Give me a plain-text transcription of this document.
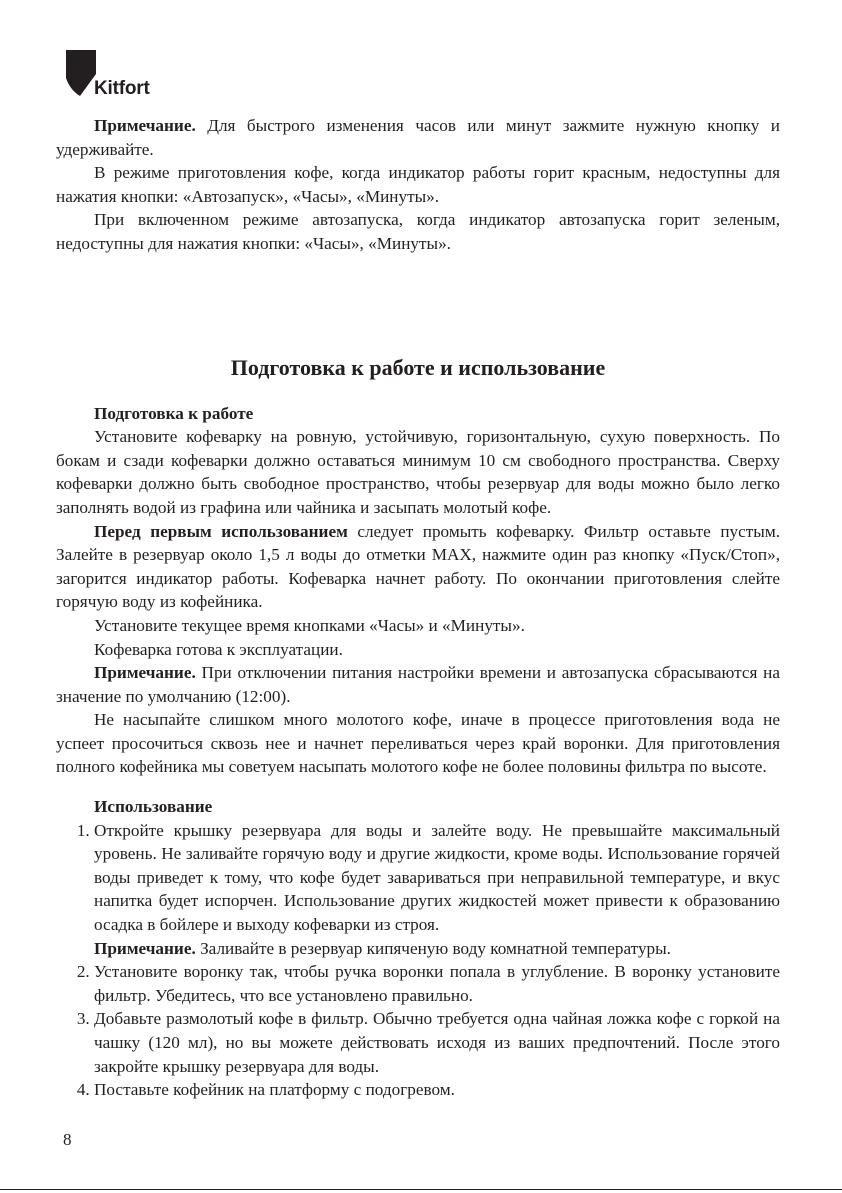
Kitfort

Примечание. Для быстрого изменения часов или минут зажмите нужную кнопку и удерживайте.

В режиме приготовления кофе, когда индикатор работы горит красным, недоступны для нажатия кнопки: «Автозапуск», «Часы», «Минуты».

При включенном режиме автозапуска, когда индикатор автозапуска горит зеленым, недоступны для нажатия кнопки: «Часы», «Минуты».

Подготовка к работе и использование

Подготовка к работе

Установите кофеварку на ровную, устойчивую, горизонтальную, сухую поверхность. По бокам и сзади кофеварки должно оставаться минимум 10 см свободного пространства. Сверху кофеварки должно быть свободное пространство, чтобы резервуар для воды можно было легко заполнять водой из графина или чайника и засыпать молотый кофе.

Перед первым использованием следует промыть кофеварку. Фильтр оставьте пустым. Залейте в резервуар около 1,5 л воды до отметки MAX, нажмите один раз кнопку «Пуск/Стоп», загорится индикатор работы. Кофеварка начнет работу. По окончании приготовления слейте горячую воду из кофейника.

Установите текущее время кнопками «Часы» и «Минуты».

Кофеварка готова к эксплуатации.

Примечание. При отключении питания настройки времени и автозапуска сбрасываются на значение по умолчанию (12:00).

Не насыпайте слишком много молотого кофе, иначе в процессе приготовления вода не успеет просочиться сквозь нее и начнет переливаться через край воронки. Для приготовления полного кофейника мы советуем насыпать молотого кофе не более половины фильтра по высоте.

Использование

1. Откройте крышку резервуара для воды и залейте воду. Не превышайте максимальный уровень. Не заливайте горячую воду и другие жидкости, кроме воды. Использование горячей воды приведет к тому, что кофе будет завариваться при неправильной температуре, и вкус напитка будет испорчен. Использование других жидкостей может привести к образованию осадка в бойлере и выходу кофеварки из строя.
Примечание. Заливайте в резервуар кипяченую воду комнатной температуры.
2. Установите воронку так, чтобы ручка воронки попала в углубление. В воронку установите фильтр. Убедитесь, что все установлено правильно.
3. Добавьте размолотый кофе в фильтр. Обычно требуется одна чайная ложка кофе с горкой на чашку (120 мл), но вы можете действовать исходя из ваших предпочтений. После этого закройте крышку резервуара для воды.
4. Поставьте кофейник на платформу с подогревом.
8
